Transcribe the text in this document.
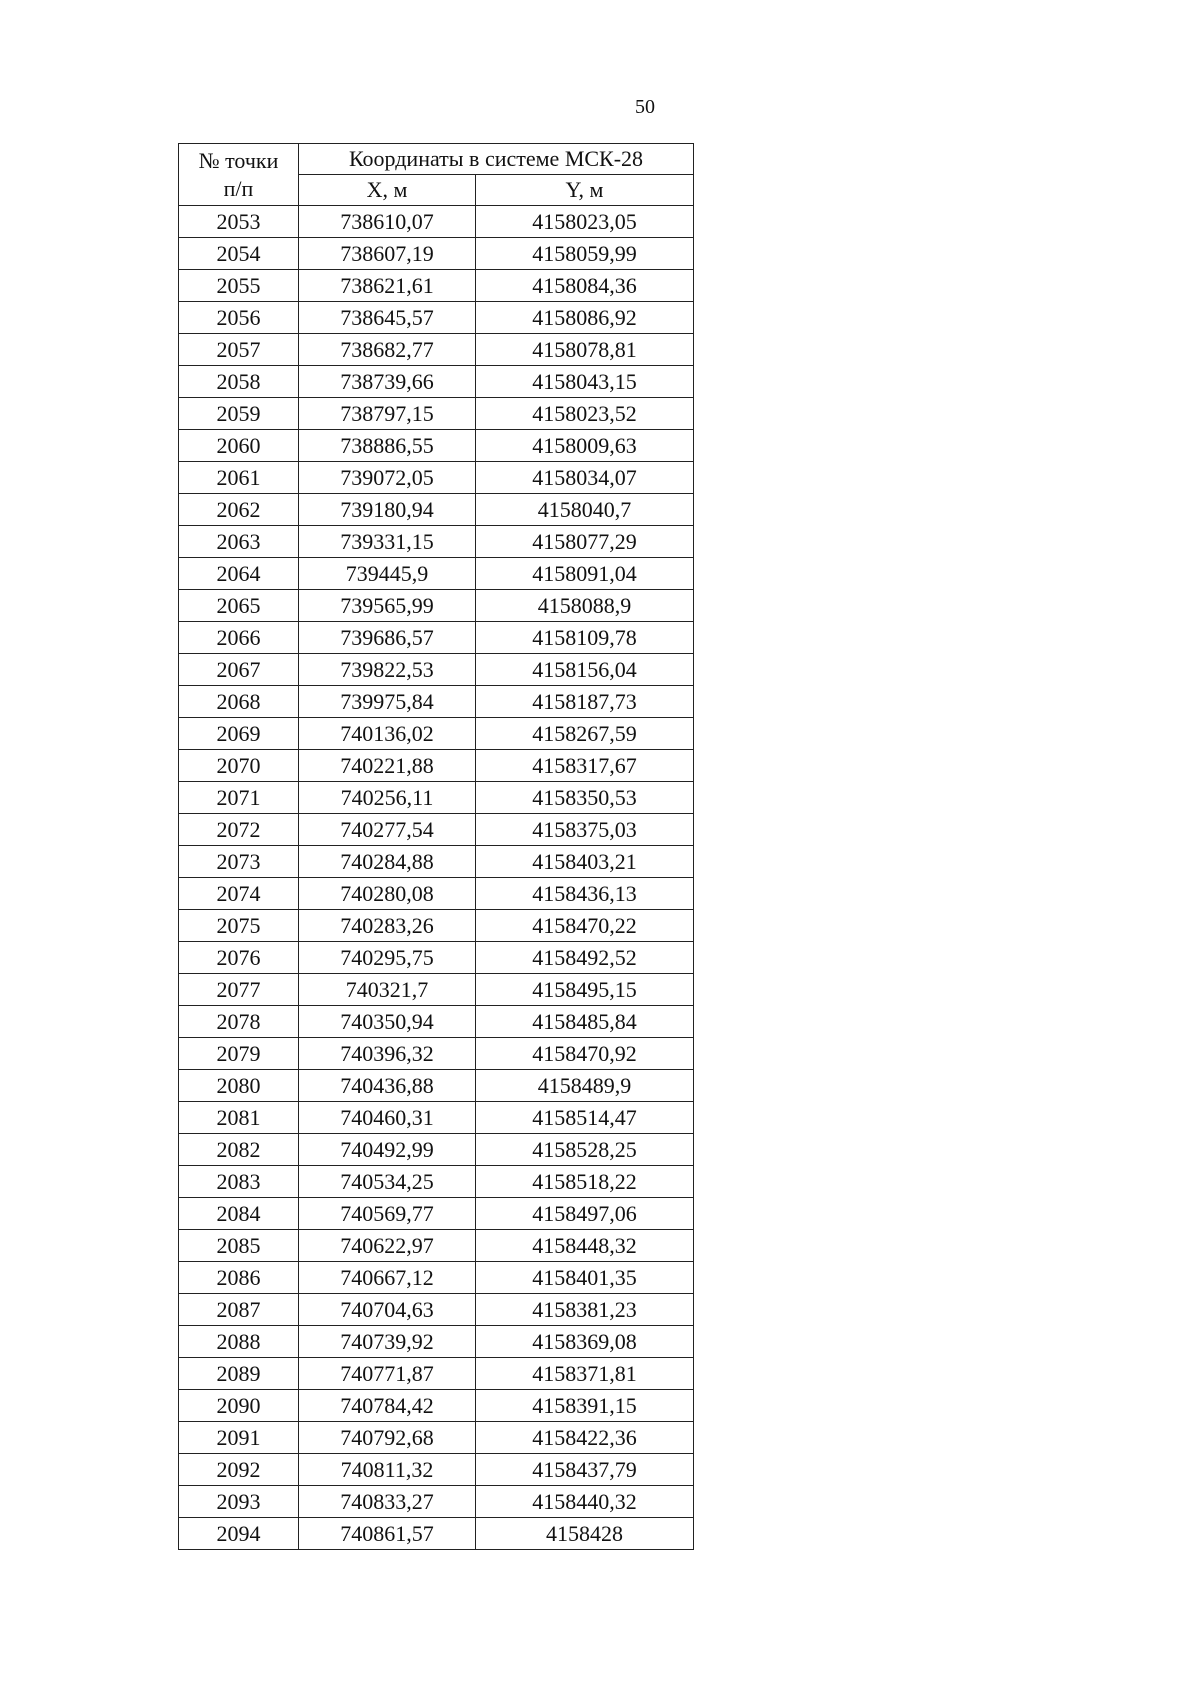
50
№ точки
п/п	Координаты в системе МСК-28	
	X, м	Y, м
2053	738610,07	4158023,05
2054	738607,19	4158059,99
2055	738621,61	4158084,36
2056	738645,57	4158086,92
2057	738682,77	4158078,81
2058	738739,66	4158043,15
2059	738797,15	4158023,52
2060	738886,55	4158009,63
2061	739072,05	4158034,07
2062	739180,94	4158040,7
2063	739331,15	4158077,29
2064	739445,9	4158091,04
2065	739565,99	4158088,9
2066	739686,57	4158109,78
2067	739822,53	4158156,04
2068	739975,84	4158187,73
2069	740136,02	4158267,59
2070	740221,88	4158317,67
2071	740256,11	4158350,53
2072	740277,54	4158375,03
2073	740284,88	4158403,21
2074	740280,08	4158436,13
2075	740283,26	4158470,22
2076	740295,75	4158492,52
2077	740321,7	4158495,15
2078	740350,94	4158485,84
2079	740396,32	4158470,92
2080	740436,88	4158489,9
2081	740460,31	4158514,47
2082	740492,99	4158528,25
2083	740534,25	4158518,22
2084	740569,77	4158497,06
2085	740622,97	4158448,32
2086	740667,12	4158401,35
2087	740704,63	4158381,23
2088	740739,92	4158369,08
2089	740771,87	4158371,81
2090	740784,42	4158391,15
2091	740792,68	4158422,36
2092	740811,32	4158437,79
2093	740833,27	4158440,32
2094	740861,57	4158428
